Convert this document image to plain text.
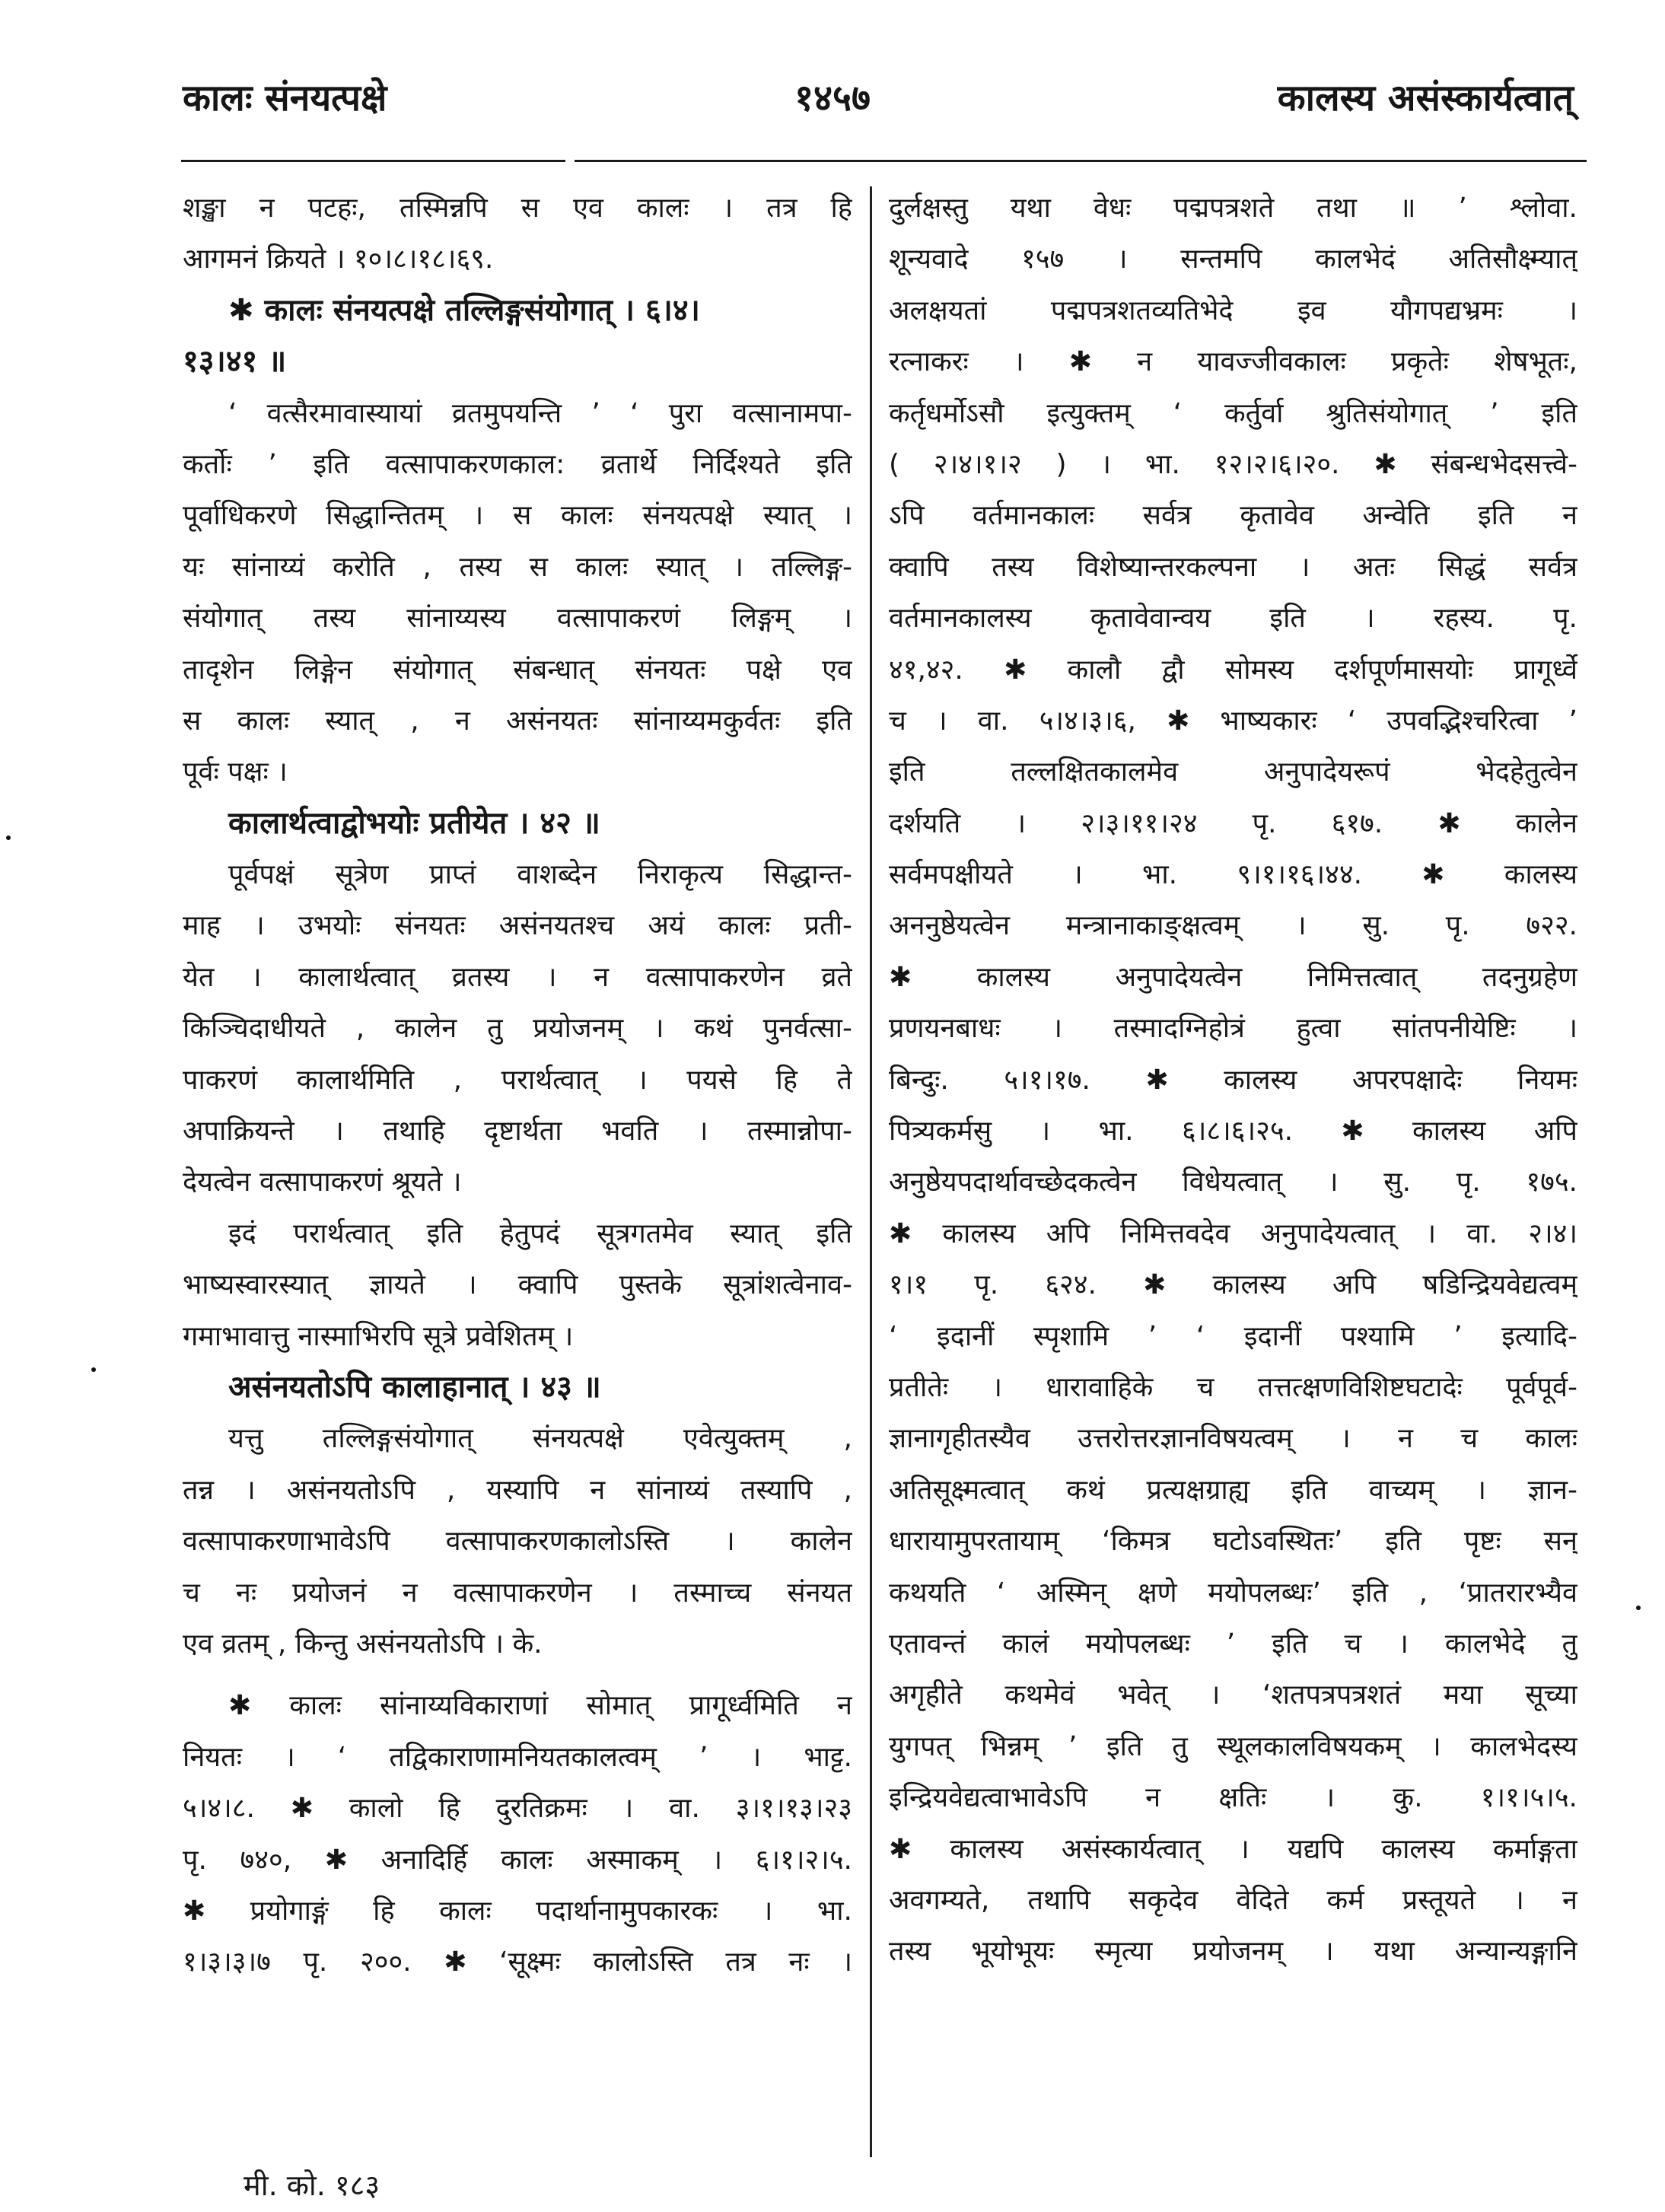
कालः संनयत्पक्षे	१४५७	कालस्य असंस्कार्यत्वात्
शङ्खा न पटहः, तस्मिन्नपि स एव कालः । तत्र हि
आगमनं क्रियते । १०।८।१८।६९.
✱ कालः संनयत्पक्षे तल्लिङ्गसंयोगात् । ६।४।
१३।४१ ॥
‘ वत्सैरमावास्यायां व्रतमुपयन्ति ’ ‘ पुरा वत्सानामपा-
कर्तोः ’ इति वत्सापाकरणकाल: व्रतार्थे निर्दिश्यते इति
पूर्वाधिकरणे सिद्धान्तितम् । स कालः संनयत्पक्षे स्यात् ।
यः सांनाय्यं करोति , तस्य स कालः स्यात् । तल्लिङ्ग-
संयोगात् तस्य सांनाय्यस्य वत्सापाकरणं लिङ्गम् ।
तादृशेन लिङ्गेन संयोगात् संबन्धात् संनयतः पक्षे एव
स कालः स्यात् , न असंनयतः सांनाय्यमकुर्वतः इति
पूर्वः पक्षः ।
कालार्थत्वाद्वोभयोः प्रतीयेत । ४२ ॥
पूर्वपक्षं सूत्रेण प्राप्तं वाशब्देन निराकृत्य सिद्धान्त-
माह । उभयोः संनयतः असंनयतश्च अयं कालः प्रती-
येत । कालार्थत्वात् व्रतस्य । न वत्सापाकरणेन व्रते
किञ्चिदाधीयते , कालेन तु प्रयोजनम् । कथं पुनर्वत्सा-
पाकरणं कालार्थमिति , परार्थत्वात् । पयसे हि ते
अपाक्रियन्ते । तथाहि दृष्टार्थता भवति । तस्मान्नोपा-
देयत्वेन वत्सापाकरणं श्रूयते ।
इदं परार्थत्वात् इति हेतुपदं सूत्रगतमेव स्यात् इति
भाष्यस्वारस्यात् ज्ञायते । क्वापि पुस्तके सूत्रांशत्वेनाव-
गमाभावात्तु नास्माभिरपि सूत्रे प्रवेशितम् ।
असंनयतोऽपि कालाहानात् । ४३ ॥
यत्तु तल्लिङ्गसंयोगात् संनयत्पक्षे एवेत्युक्तम् ,
तन्न । असंनयतोऽपि , यस्यापि न सांनाय्यं तस्यापि ,
वत्सापाकरणाभावेऽपि वत्सापाकरणकालोऽस्ति । कालेन
च नः प्रयोजनं न वत्सापाकरणेन । तस्माच्च संनयत
एव व्रतम् , किन्तु असंनयतोऽपि । के.
✱ कालः सांनाय्यविकाराणां सोमात् प्रागूर्ध्वमिति न
नियतः । ‘ तद्विकाराणामनियतकालत्वम् ’ । भाट्ट.
५।४।८. ✱ कालो हि दुरतिक्रमः । वा. ३।१।१३।२३
पृ. ७४०, ✱ अनादिर्हि कालः अस्माकम् । ६।१।२।५.
✱ प्रयोगाङ्गं हि कालः पदार्थानामुपकारकः । भा.
१।३।३।७ पृ. २००. ✱ ‘सूक्ष्मः कालोऽस्ति तत्र नः ।
दुर्लक्षस्तु यथा वेधः पद्मपत्रशते तथा ॥ ’ श्लोवा.
शून्यवादे १५७ । सन्तमपि कालभेदं अतिसौक्ष्म्यात्
अलक्षयतां पद्मपत्रशतव्यतिभेदे इव यौगपद्यभ्रमः ।
रत्नाकरः । ✱ न यावज्जीवकालः प्रकृतेः शेषभूतः,
कर्तृधर्मोऽसौ इत्युक्तम् ‘ कर्तुर्वा श्रुतिसंयोगात् ’ इति
( २।४।१।२ ) । भा. १२।२।६।२०. ✱ संबन्धभेदसत्त्वे-
ऽपि वर्तमानकालः सर्वत्र कृतावेव अन्वेति इति न
क्वापि तस्य विशेष्यान्तरकल्पना । अतः सिद्धं सर्वत्र
वर्तमानकालस्य कृतावेवान्वय इति । रहस्य. पृ.
४१,४२. ✱ कालौ द्वौ सोमस्य दर्शपूर्णमासयोः प्रागूर्ध्वे
च । वा. ५।४।३।६, ✱ भाष्यकारः ‘ उपवद्भिश्चरित्वा ’
इति तल्लक्षितकालमेव अनुपादेयरूपं भेदहेतुत्वेन
दर्शयति । २।३।११।२४ पृ. ६१७. ✱ कालेन
सर्वमपक्षीयते । भा. ९।१।१६।४४. ✱ कालस्य
अननुष्ठेयत्वेन मन्त्रानाकाङ्क्षत्वम् । सु. पृ. ७२२.
✱ कालस्य अनुपादेयत्वेन निमित्तत्वात् तदनुग्रहेण
प्रणयनबाधः । तस्मादग्निहोत्रं हुत्वा सांतपनीयेष्टिः ।
बिन्दुः. ५।१।१७. ✱ कालस्य अपरपक्षादेः नियमः
पित्र्यकर्मसु । भा. ६।८।६।२५. ✱ कालस्य अपि
अनुष्ठेयपदार्थावच्छेदकत्वेन विधेयत्वात् । सु. पृ. १७५.
✱ कालस्य अपि निमित्तवदेव अनुपादेयत्वात् । वा. २।४।
१।१ पृ. ६२४. ✱ कालस्य अपि षडिन्द्रियवेद्यत्वम्
‘ इदानीं स्पृशामि ’ ‘ इदानीं पश्यामि ’ इत्यादि-
प्रतीतेः । धारावाहिके च तत्तत्क्षणविशिष्टघटादेः पूर्वपूर्व-
ज्ञानागृहीतस्यैव उत्तरोत्तरज्ञानविषयत्वम् । न च कालः
अतिसूक्ष्मत्वात् कथं प्रत्यक्षग्राह्य इति वाच्यम् । ज्ञान-
धारायामुपरतायाम् ‘किमत्र घटोऽवस्थितः’ इति पृष्टः सन्
कथयति ‘ अस्मिन् क्षणे मयोपलब्धः’ इति , ‘प्रातरारभ्यैव
एतावन्तं कालं मयोपलब्धः ’ इति च । कालभेदे तु
अगृहीते कथमेवं भवेत् । ‘शतपत्रपत्रशतं मया सूच्या
युगपत् भिन्नम् ’ इति तु स्थूलकालविषयकम् । कालभेदस्य
इन्द्रियवेद्यत्वाभावेऽपि न क्षतिः । कु. १।१।५।५.
✱ कालस्य असंस्कार्यत्वात् । यद्यपि कालस्य कर्माङ्गता
अवगम्यते, तथापि सकृदेव वेदिते कर्म प्रस्तूयते । न
तस्य भूयोभूयः स्मृत्या प्रयोजनम् । यथा अन्यान्यङ्गानि
मी. को. १८३
